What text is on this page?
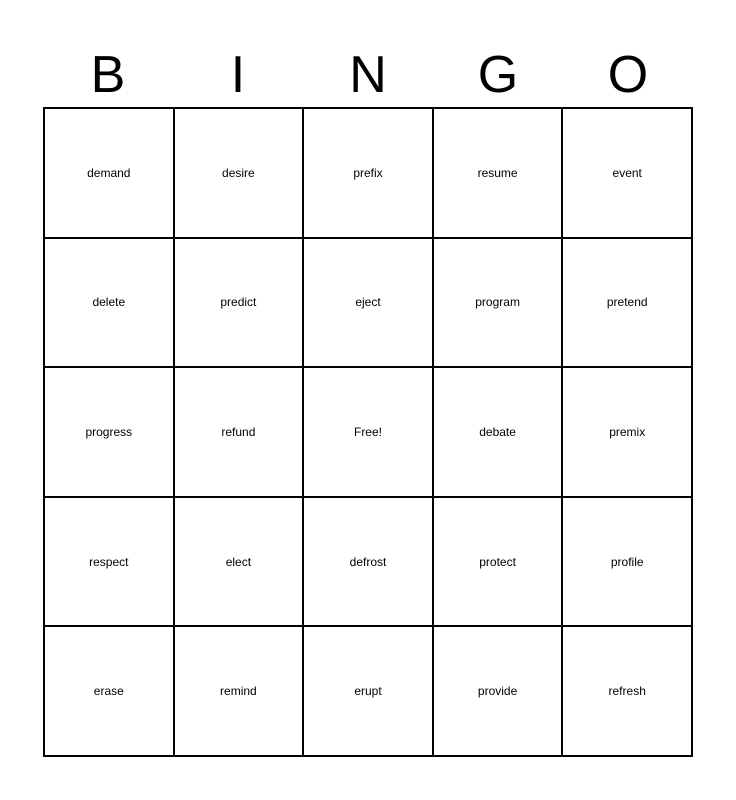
B	I	N	G	O
demand	desire	prefix	resume	event
delete	predict	eject	program	pretend
progress	refund	Free!	debate	premix
respect	elect	defrost	protect	profile
erase	remind	erupt	provide	refresh
